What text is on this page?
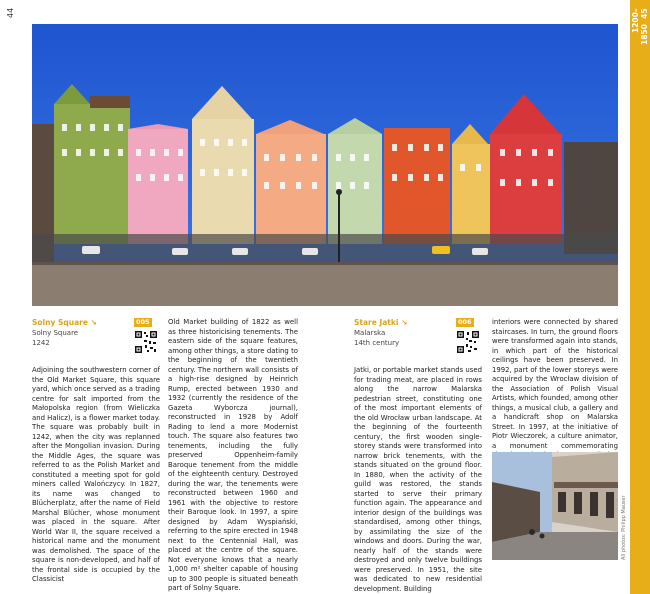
44	1200–1850  45
Solny Square ↘
Solny Square
1242
005	Stare Jatki ↘
Malarska
14th century
006

Adjoining the southwestern corner of the Old Market Square, this square yard, which once served as a trading centre for salt imported from the Małopolska region (from Wieliczka and Halicz), is a flower market today. The square was probably built in 1242, when the city was replanned after the Mongolian invasion. During the Middle Ages, the square was referred to as the Polish Market and constituted a meeting spot for gold miners called Walończycy. In 1827, its name was changed to Blücherplatz, after the name of Field Marshal Blücher, whose monument was placed in the square. After World War II, the square received a historical name and the monument was demolished. The space of the square is non-developed, and half of the frontal side is occupied by the Classicist

Old Market building of 1822 as well as three historicising tenements. The eastern side of the square features, among other things, a store dating to the beginning of the twentieth century. The northern wall consists of a high-rise designed by Heinrich Rump, erected between 1930 and 1932 (currently the residence of the Gazeta Wyborcza journal), reconstructed in 1928 by Adolf Rading to lend a more Modernist touch. The square also features two tenements, including the fully preserved Oppenheim-family Baroque tenement from the middle of the eighteenth century. Destroyed during the war, the tenements were reconstructed between 1960 and 1961 with the objective to restore their Baroque look. In 1997, a spire designed by Adam Wyspiański, referring to the spire erected in 1948 next to the Centennial Hall, was placed at the centre of the square. Not everyone knows that a nearly 1,000 m² shelter capable of housing up to 300 people is situated beneath part of Solny Square.

Jatki, or portable market stands used for trading meat, are placed in rows along the narrow Malarska pedestrian street, constituting one of the most important elements of the old Wrocław urban landscape. At the beginning of the fourteenth century, the first wooden single-storey stands were transformed into narrow brick tenements, with the stands situated on the ground floor. In 1880, when the activity of the guild was restored, the stands started to serve their primary function again. The appearance and interior design of the buildings was standardised, among other things, by assimilating the size of the windows and doors. During the war, nearly half of the stands were destroyed and only twelve buildings were preserved. In 1951, the site was dedicated to new residential development. Building

interiors were connected by shared staircases. In turn, the ground floors were transformed again into stands, in which part of the historical ceilings have been preserved. In 1992, part of the lower storeys were acquired by the Wrocław division of the Association of Polish Visual Artists, which founded, among other things, a musical club, a gallery and a handicraft shop on Malarska Street. In 1997, at the initiative of Piotr Wieczorek, a culture animator, a monument commemorating

All photos: Philipp Mauser
